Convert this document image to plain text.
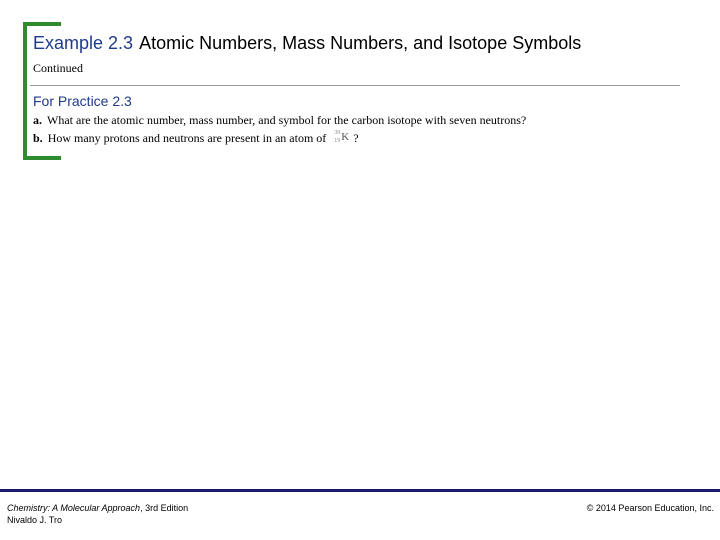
Example 2.3 Atomic Numbers, Mass Numbers, and Isotope Symbols
Continued
For Practice 2.3
a. What are the atomic number, mass number, and symbol for the carbon isotope with seven neutrons?
b. How many protons and neutrons are present in an atom of	39
19 K ?
Chemistry: A Molecular Approach, 3rd Edition
Nivaldo J. Tro
© 2014 Pearson Education, Inc.
